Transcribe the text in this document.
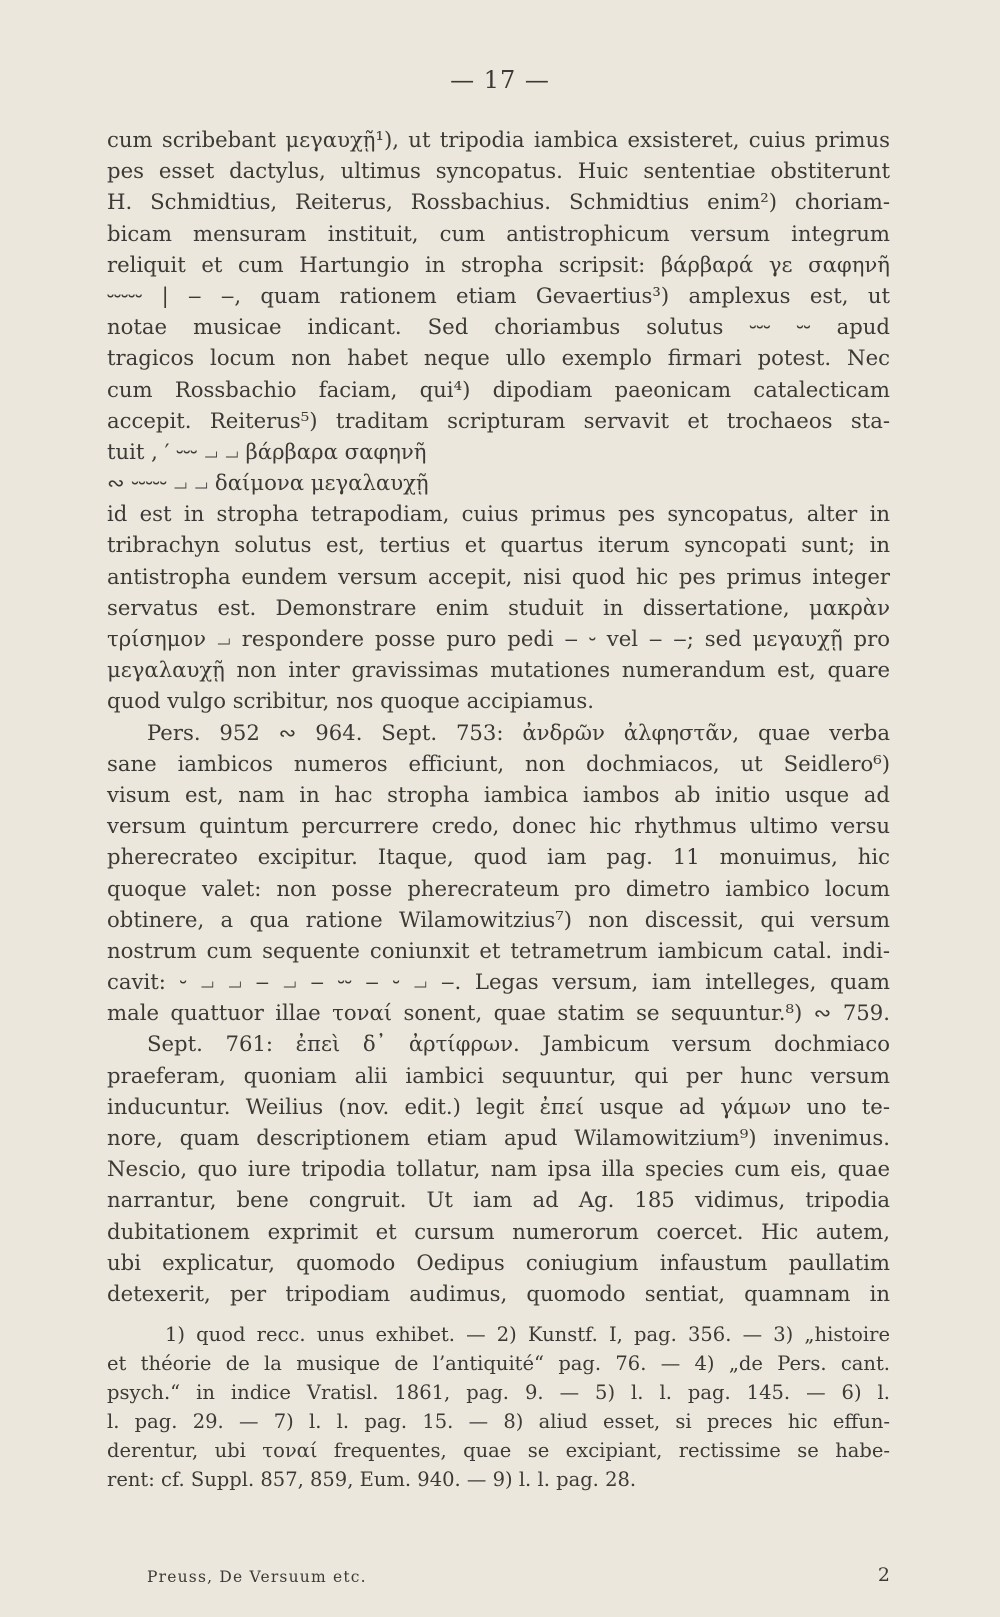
— 17 —
cum scribebant μεγαυχῇ¹), ut tripodia iambica exsisteret, cuius primus
pes esset dactylus, ultimus syncopatus. Huic sententiae obstiterunt
H. Schmidtius, Reiterus, Rossbachius. Schmidtius enim²) choriam-
bicam mensuram instituit, cum antistrophicum versum integrum
reliquit et cum Hartungio in stropha scripsit: βάρβαρά γε σαφηνῆ
⏑⏑⏑⏑⏑ | ‒ ‒, quam rationem etiam Gevaertius³) amplexus est, ut
notae musicae indicant. Sed choriambus solutus ⏑⏑⏑ ⏑⏑ apud
tragicos locum non habet neque ullo exemplo firmari potest. Nec
cum Rossbachio faciam, qui⁴) dipodiam paeonicam catalecticam
accepit. Reiterus⁵) traditam scripturam servavit et trochaeos sta-
tuit , ′ ⏑⏑⏑ ⏗ ⏗ βάρβαρα σαφηνῆ
∾ ⏑⏑⏑⏑⏑ ⏗ ⏗ δαίμονα μεγαλαυχῇ
id est in stropha tetrapodiam, cuius primus pes syncopatus, alter in
tribrachyn solutus est, tertius et quartus iterum syncopati sunt; in
antistropha eundem versum accepit, nisi quod hic pes primus integer
servatus est. Demonstrare enim studuit in dissertatione, μακρὰν
τρίσημον ⏗ respondere posse puro pedi ‒ ⏑ vel ‒ ‒; sed μεγαυχῇ pro
μεγαλαυχῇ non inter gravissimas mutationes numerandum est, quare
quod vulgo scribitur, nos quoque accipiamus.
Pers. 952 ∾ 964. Sept. 753: ἀνδρῶν ἀλφηστᾶν, quae verba
sane iambicos numeros efficiunt, non dochmiacos, ut Seidlero⁶)
visum est, nam in hac stropha iambica iambos ab initio usque ad
versum quintum percurrere credo, donec hic rhythmus ultimo versu
pherecrateo excipitur. Itaque, quod iam pag. 11 monuimus, hic
quoque valet: non posse pherecrateum pro dimetro iambico locum
obtinere, a qua ratione Wilamowitzius⁷) non discessit, qui versum
nostrum cum sequente coniunxit et tetrametrum iambicum catal. indi-
cavit: ⏑ ⏗ ⏗ ‒ ⏗ ‒ ⏑⏑ ‒ ⏑ ⏗ ‒. Legas versum, iam intelleges, quam
male quattuor illae τοναί sonent, quae statim se sequuntur.⁸) ∾ 759.
Sept. 761: ἐπεὶ δ᾽ ἀρτίφρων. Jambicum versum dochmiaco
praeferam, quoniam alii iambici sequuntur, qui per hunc versum
inducuntur. Weilius (nov. edit.) legit ἐπεί usque ad γάμων uno te-
nore, quam descriptionem etiam apud Wilamowitzium⁹) invenimus.
Nescio, quo iure tripodia tollatur, nam ipsa illa species cum eis, quae
narrantur, bene congruit. Ut iam ad Ag. 185 vidimus, tripodia
dubitationem exprimit et cursum numerorum coercet. Hic autem,
ubi explicatur, quomodo Oedipus coniugium infaustum paullatim
detexerit, per tripodiam audimus, quomodo sentiat, quamnam in
1) quod recc. unus exhibet. — 2) Kunstf. I, pag. 356. — 3) „histoire
et théorie de la musique de l’antiquité“ pag. 76. — 4) „de Pers. cant.
psych.“ in indice Vratisl. 1861, pag. 9. — 5) l. l. pag. 145. — 6) l.
l. pag. 29. — 7) l. l. pag. 15. — 8) aliud esset, si preces hic effun-
derentur, ubi τοναί frequentes, quae se excipiant, rectissime se habe-
rent: cf. Suppl. 857, 859, Eum. 940. — 9) l. l. pag. 28.
Preuss, De Versuum etc.	2
